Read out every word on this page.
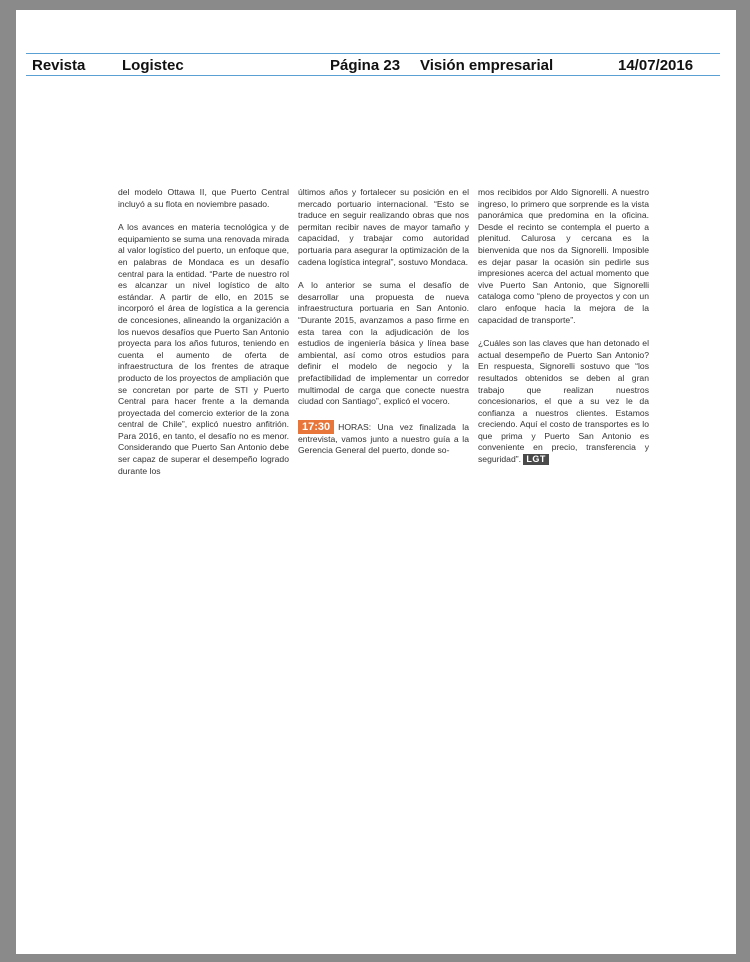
Revista Logistec	Página 23 Visión empresarial	14/07/2016

del modelo Ottawa II, que Puerto Central incluyó a su flota en noviembre pasado.

A los avances en materia tecnológica y de equipamiento se suma una renovada mirada al valor logístico del puerto, un enfoque que, en palabras de Mondaca es un desafío central para la entidad. “Parte de nuestro rol es alcanzar un nivel logístico de alto estándar. A partir de ello, en 2015 se incorporó el área de logística a la gerencia de concesiones, alineando la organización a los nuevos desafíos que Puerto San Antonio proyecta para los años futuros, teniendo en cuenta el aumento de oferta de infraestructura de los frentes de atraque producto de los proyectos de ampliación que se concretan por parte de STI y Puerto Central para hacer frente a la demanda proyectada del comercio exterior de la zona central de Chile”, explicó nuestro anfitrión. Para 2016, en tanto, el desafío no es menor. Considerando que Puerto San Antonio debe ser capaz de superar el desempeño logrado durante los

últimos años y fortalecer su posición en el mercado portuario internacional. “Esto se traduce en seguir realizando obras que nos permitan recibir naves de mayor tamaño y capacidad, y trabajar como autoridad portuaria para asegurar la optimización de la cadena logística integral”, sostuvo Mondaca.

A lo anterior se suma el desafío de desarrollar una propuesta de nueva infraestructura portuaria en San Antonio. “Durante 2015, avanzamos a paso firme en esta tarea con la adjudicación de los estudios de ingeniería básica y línea base ambiental, así como otros estudios para definir el modelo de negocio y la prefactibilidad de implementar un corredor multimodal de carga que conecte nuestra ciudad con Santiago”, explicó el vocero.

17:30 HORAS: Una vez finalizada la entrevista, vamos junto a nuestro guía a la Gerencia General del puerto, donde so-

mos recibidos por Aldo Signorelli. A nuestro ingreso, lo primero que sorprende es la vista panorámica que predomina en la oficina. Desde el recinto se contempla el puerto a plenitud. Calurosa y cercana es la bienvenida que nos da Signorelli. Imposible es dejar pasar la ocasión sin pedirle sus impresiones acerca del actual momento que vive Puerto San Antonio, que Signorelli cataloga como “pleno de proyectos y con un claro enfoque hacia la mejora de la capacidad de transporte”.

¿Cuáles son las claves que han detonado el actual desempeño de Puerto San Antonio? En respuesta, Signorelli sostuvo que “los resultados obtenidos se deben al gran trabajo que realizan nuestros concesionarios, el que a su vez le da confianza a nuestros clientes. Estamos creciendo. Aquí el costo de transportes es lo que prima y Puerto San Antonio es conveniente en precio, transferencia y seguridad”. LGT
